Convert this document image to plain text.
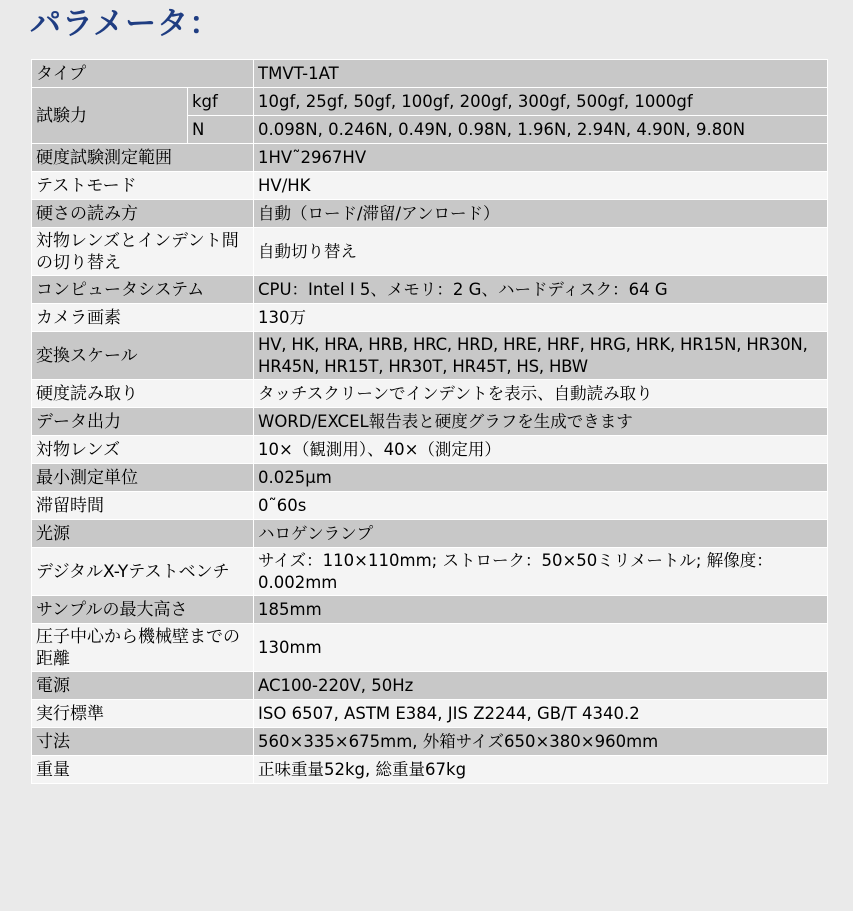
パラメータ：
タイプ		TMVT-1AT
試験力	kgf	10gf, 25gf, 50gf, 100gf, 200gf, 300gf, 500gf, 1000gf
	N	0.098N, 0.246N, 0.49N, 0.98N, 1.96N, 2.94N, 4.90N, 9.80N
硬度試験測定範囲		1HV˜2967HV
テストモード		HV/HK
硬さの読み方		自動（ロード/滞留/アンロード）
対物レンズとインデント間の切り替え		自動切り替え
コンピュータシステム		CPU：Intel I 5、メモリ：2 G、ハードディスク：64 G
カメラ画素		130万
変換スケール		HV, HK, HRA, HRB, HRC, HRD, HRE, HRF, HRG, HRK, HR15N, HR30N, HR45N, HR15T, HR30T, HR45T, HS, HBW
硬度読み取り		タッチスクリーンでインデントを表示、自動読み取り
データ出力		WORD/EXCEL報告表と硬度グラフを生成できます
対物レンズ		10×（観測用）、40×（測定用）
最小測定単位		0.025μm
滞留時間		0˜60s
光源		ハロゲンランプ
デジタルX-Yテストベンチ		サイズ：110×110mm; ストローク：50×50ミリメートル; 解像度：0.002mm
サンプルの最大高さ		185mm
圧子中心から機械壁までの距離		130mm
電源		AC100-220V, 50Hz
実行標準		ISO 6507, ASTM E384, JIS Z2244, GB/T 4340.2
寸法		560×335×675mm, 外箱サイズ650×380×960mm
重量		正味重量52kg, 総重量67kg
